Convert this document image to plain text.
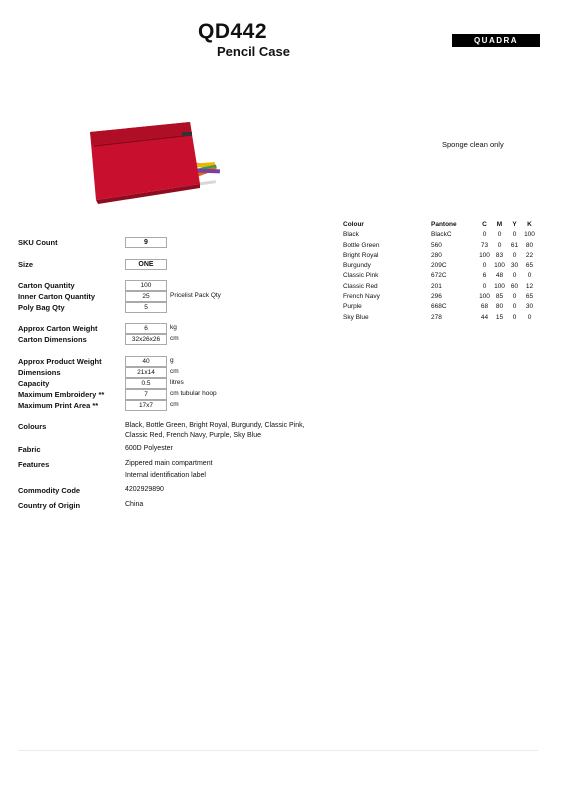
QD442
Pencil Case
QUADRA
Sponge clean only
SKU Count	9
Size	ONE
Carton Quantity	100
Inner Carton Quantity	25	Pricelist Pack Qty
Poly Bag Qty	5
Approx Carton Weight	6	kg
Carton Dimensions	32x26x26	cm
Approx Product Weight	40	g
Dimensions	21x14	cm
Capacity	0.5	litres
Maximum Embroidery **	7	cm tubular hoop
Maximum Print Area **	17x7	cm
Colours	Black, Bottle Green, Bright Royal, Burgundy, Classic Pink,
Classic Red, French Navy, Purple, Sky Blue
Fabric	600D Polyester
Features	Zippered main compartment
Internal identification label
Commodity Code	4202929890
Country of Origin	China
Colour	Pantone	C	M	Y	K
Black	BlackC	0	0	0	100
Bottle Green	560	73	0	61	80
Bright Royal	280	100	83	0	22
Burgundy	209C	0	100	30	65
Classic Pink	672C	6	48	0	0
Classic Red	201	0	100	60	12
French Navy	296	100	85	0	65
Purple	668C	68	80	0	30
Sky Blue	278	44	15	0	0
